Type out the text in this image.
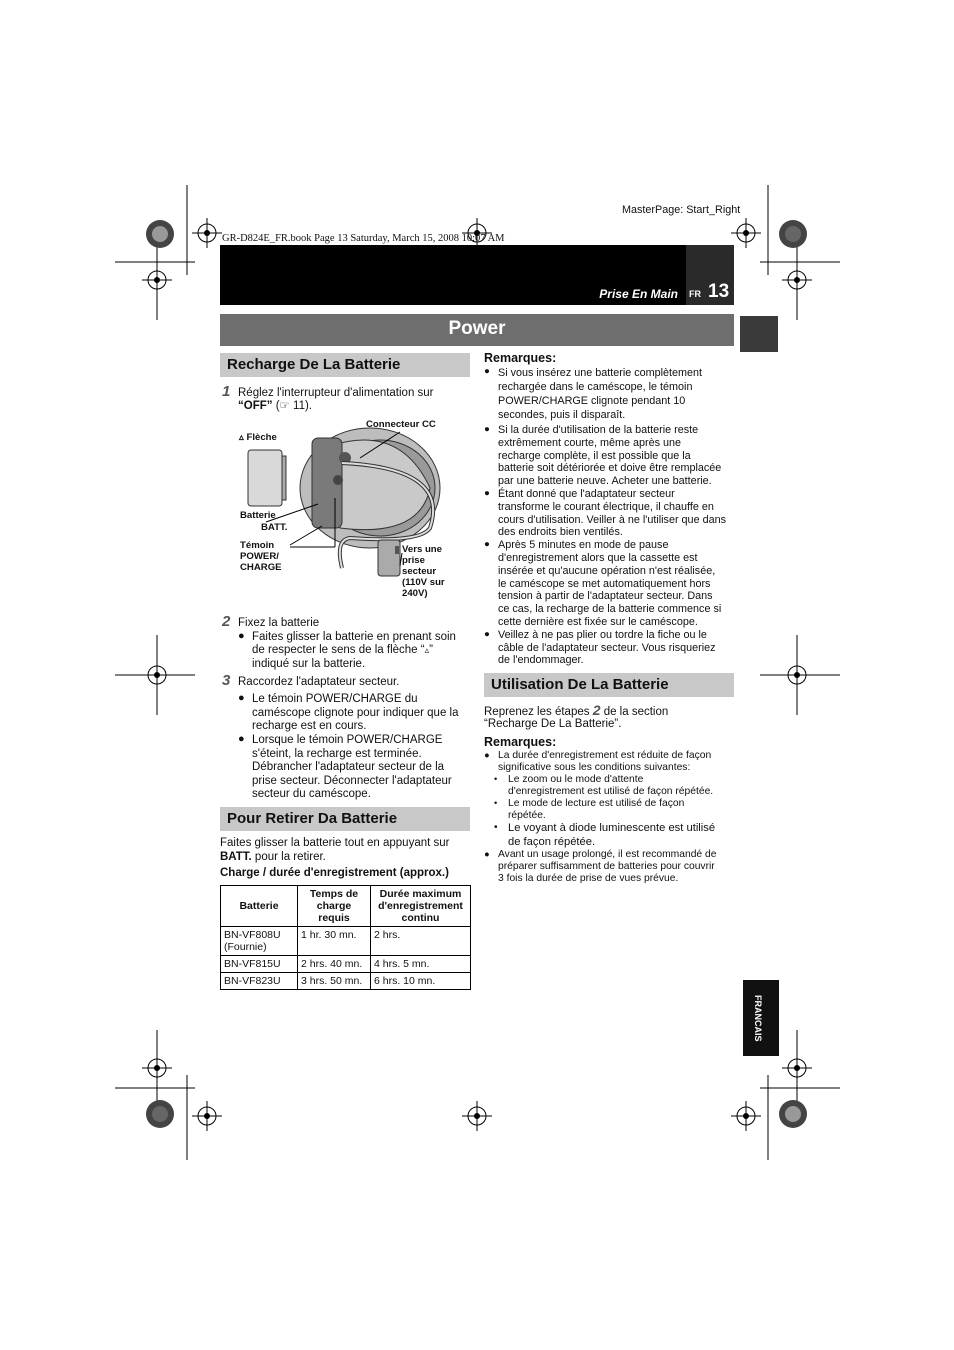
MasterPage: Start_Right
GR-D824E_FR.book Page 13 Saturday, March 15, 2008 10:07 AM
Prise En Main FR 13
Power
Recharge De La Batterie
1 Réglez l'interrupteur d'alimentation sur
“OFF” (☞ 11).
▵ Flèche
Connecteur CC
Batterie
BATT.
Témoin
POWER/
CHARGE
Vers une
prise
secteur
(110V sur
240V)
2 Fixez la batterie
● Faites glisser la batterie en prenant soin
de respecter le sens de la flèche “▵”
indiqué sur la batterie.
3 Raccordez l'adaptateur secteur.
● Le témoin POWER/CHARGE du
caméscope clignote pour indiquer que la
recharge est en cours.
● Lorsque le témoin POWER/CHARGE
s'éteint, la recharge est terminée.
Débrancher l'adaptateur secteur de la
prise secteur. Déconnecter l'adaptateur
secteur du caméscope.
Pour Retirer Da Batterie
Faites glisser la batterie tout en appuyant sur
BATT. pour la retirer.
Charge / durée d'enregistrement (approx.)
Batterie	Temps de charge requis	Durée maximum d'enregistrement continu
BN-VF808U (Fournie)	1 hr. 30 mn.	2 hrs.
BN-VF815U	2 hrs. 40 mn.	4 hrs. 5 mn.
BN-VF823U	3 hrs. 50 mn.	6 hrs. 10 mn.
Remarques:
● Si vous insérez une batterie complètement
rechargée dans le caméscope, le témoin
POWER/CHARGE clignote pendant 10
secondes, puis il disparaît.
● Si la durée d'utilisation de la batterie reste
extrêmement courte, même après une
recharge complète, il est possible que la
batterie soit détériorée et doive être remplacée
par une batterie neuve. Acheter une batterie.
● Étant donné que l'adaptateur secteur
transforme le courant électrique, il chauffe en
cours d'utilisation. Veiller à ne l'utiliser que dans
des endroits bien ventilés.
● Après 5 minutes en mode de pause
d'enregistrement alors que la cassette est
insérée et qu'aucune opération n'est réalisée,
le caméscope se met automatiquement hors
tension à partir de l'adaptateur secteur. Dans
ce cas, la recharge de la batterie commence si
cette dernière est fixée sur le caméscope.
● Veillez à ne pas plier ou tordre la fiche ou le
câble de l'adaptateur secteur. Vous risqueriez
de l'endommager.
Utilisation De La Batterie
Reprenez les étapes 2 de la section
“Recharge De La Batterie”.
Remarques:
● La durée d'enregistrement est réduite de façon
significative sous les conditions suivantes:
• Le zoom ou le mode d'attente
d'enregistrement est utilisé de façon répétée.
• Le mode de lecture est utilisé de façon
répétée.
• Le voyant à diode luminescente est utilisé
de façon répétée.
● Avant un usage prolongé, il est recommandé de
préparer suffisamment de batteries pour couvrir
3 fois la durée de prise de vues prévue.
FRANCAIS
